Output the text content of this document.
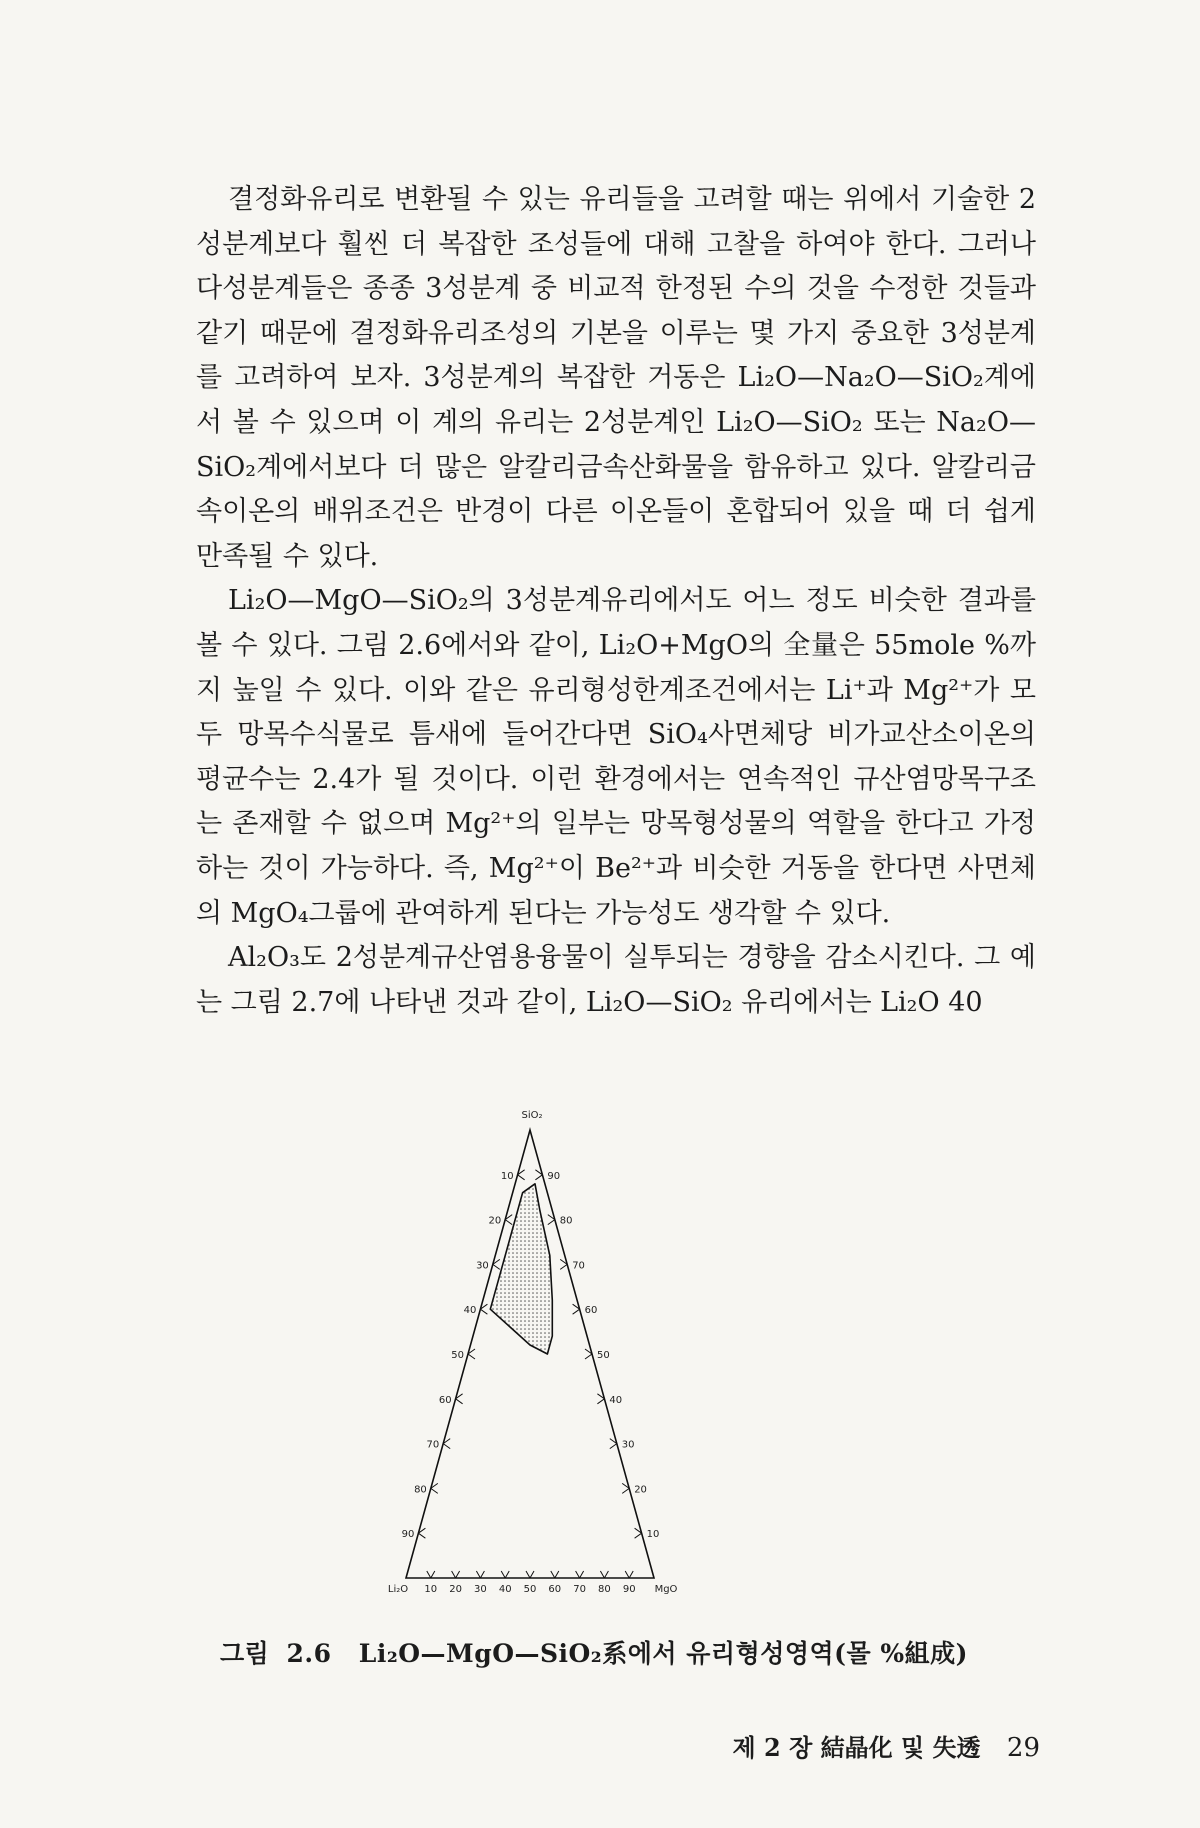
결정화유리로 변환될 수 있는 유리들을 고려할 때는 위에서 기술한 2성분계보다 훨씬 더 복잡한 조성들에 대해 고찰을 하여야 한다. 그러나 다성분계들은 종종 3성분계 중 비교적 한정된 수의 것을 수정한 것들과 같기 때문에 결정화유리조성의 기본을 이루는 몇 가지 중요한 3성분계를 고려하여 보자. 3성분계의 복잡한 거동은 Li₂O—Na₂O—SiO₂계에서 볼 수 있으며 이 계의 유리는 2성분계인 Li₂O—SiO₂ 또는 Na₂O—SiO₂계에서보다 더 많은 알칼리금속산화물을 함유하고 있다. 알칼리금속이온의 배위조건은 반경이 다른 이온들이 혼합되어 있을 때 더 쉽게 만족될 수 있다.

Li₂O—MgO—SiO₂의 3성분계유리에서도 어느 정도 비슷한 결과를 볼 수 있다. 그림 2.6에서와 같이, Li₂O+MgO의 全量은 55mole %까지 높일 수 있다. 이와 같은 유리형성한계조건에서는 Li⁺과 Mg²⁺가 모두 망목수식물로 틈새에 들어간다면 SiO₄사면체당 비가교산소이온의 평균수는 2.4가 될 것이다. 이런 환경에서는 연속적인 규산염망목구조는 존재할 수 없으며 Mg²⁺의 일부는 망목형성물의 역할을 한다고 가정하는 것이 가능하다. 즉, Mg²⁺이 Be²⁺과 비슷한 거동을 한다면 사면체의 MgO₄그룹에 관여하게 된다는 가능성도 생각할 수 있다.

Al₂O₃도 2성분계규산염용융물이 실투되는 경향을 감소시킨다. 그 예는 그림 2.7에 나타낸 것과 같이, Li₂O—SiO₂ 유리에서는 Li₂O 40

10
20
30
40
50
60
70
80
90
90
80
70
60
50
40
30
20
10
10 20 30 40 50 60 70 80 90
SiO₂
Li₂O	MgO
그림 2.6 Li₂O—MgO—SiO₂系에서 유리형성영역(몰 %組成)
제 2 장 結晶化 및 失透 29
